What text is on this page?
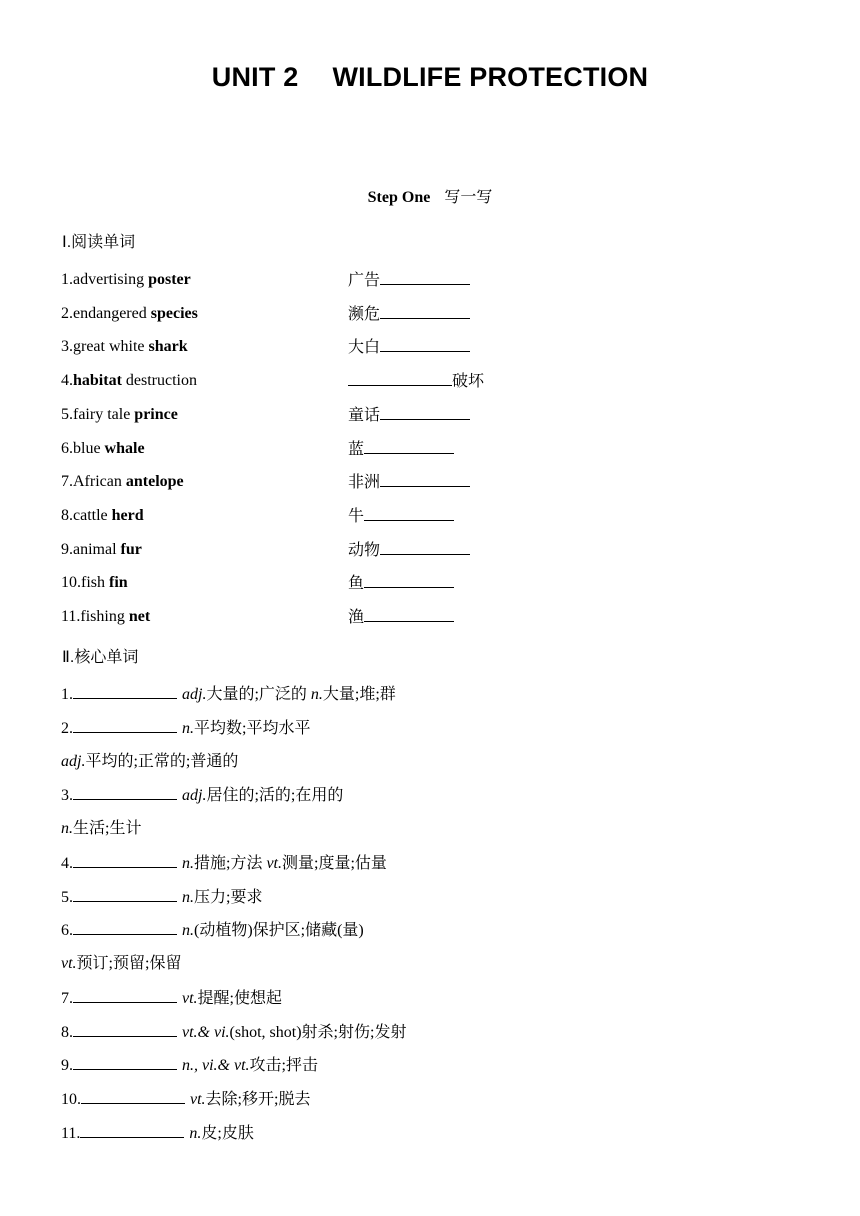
UNIT 2 WILDLIFE PROTECTION
Step One 写一写
Ⅰ.阅读单词
1.advertising poster	广告
2.endangered species	濒危
3.great white shark	大白
4.habitat destruction	破坏
5.fairy tale prince	童话
6.blue whale	蓝
7.African antelope	非洲
8.cattle herd	牛
9.animal fur	动物
10.fish fin	鱼
11.fishing net	渔
Ⅱ.核心单词
1.	adj.大量的;广泛的 n.大量;堆;群
2.	n.平均数;平均水平
adj.平均的;正常的;普通的
3.	adj.居住的;活的;在用的
n.生活;生计
4.	n.措施;方法 vt.测量;度量;估量
5.	n.压力;要求
6.	n.(动植物)保护区;储藏(量)
vt.预订;预留;保留
7.	vt.提醒;使想起
8.	vt.& vi.(shot, shot)射杀;射伤;发射
9.	n., vi.& vt.攻击;抨击
10.	vt.去除;移开;脱去
11.	n.皮;皮肤
